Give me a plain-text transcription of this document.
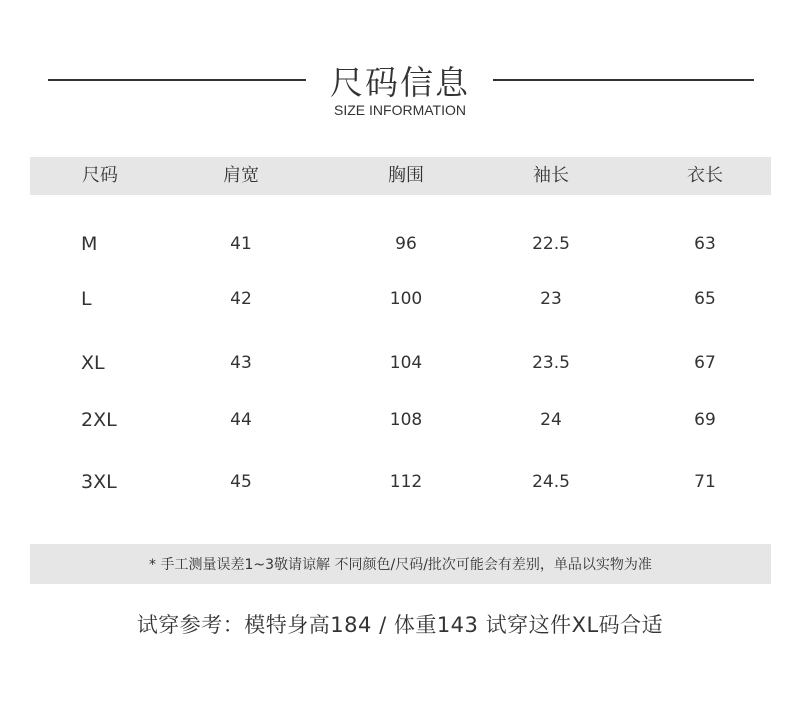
尺码信息
SIZE INFORMATION
尺码	肩宽	胸围	袖长	衣长
M	41	96	22.5	63
L	42	100	23	65
XL	43	104	23.5	67
2XL	44	108	24	69
3XL	45	112	24.5	71
* 手工测量误差1~3敬请谅解 不同颜色/尺码/批次可能会有差别，单品以实物为准
试穿参考：模特身高184 / 体重143 试穿这件XL码合适
